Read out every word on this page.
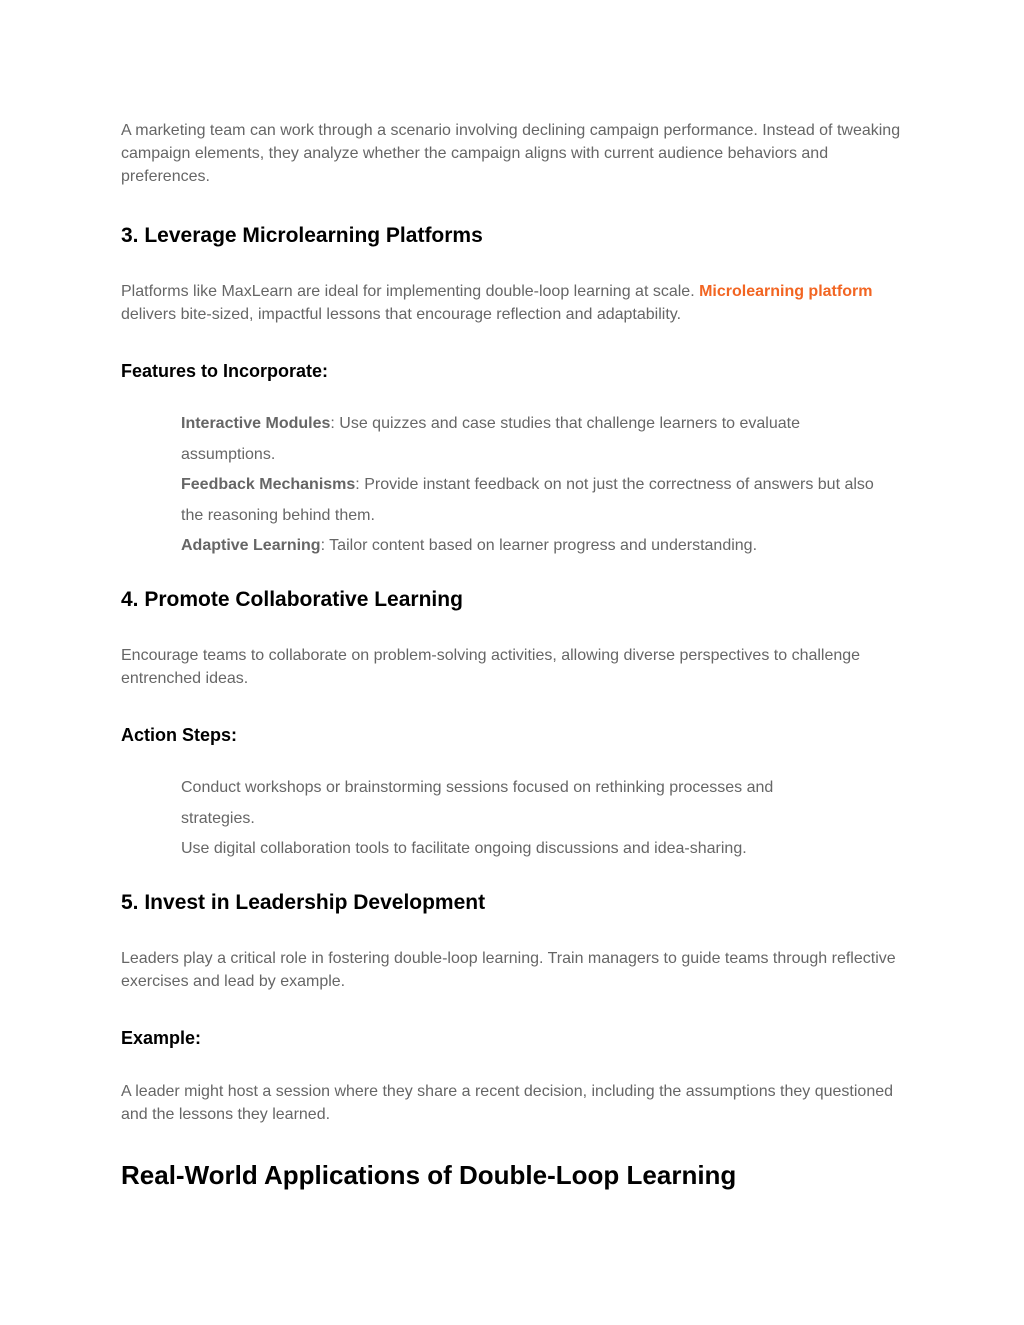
A marketing team can work through a scenario involving declining campaign performance. Instead of tweaking campaign elements, they analyze whether the campaign aligns with current audience behaviors and preferences.

3. Leverage Microlearning Platforms

Platforms like MaxLearn are ideal for implementing double-loop learning at scale. Microlearning platform delivers bite-sized, impactful lessons that encourage reflection and adaptability.

Features to Incorporate:
Interactive Modules: Use quizzes and case studies that challenge learners to evaluate assumptions.
Feedback Mechanisms: Provide instant feedback on not just the correctness of answers but also the reasoning behind them.
Adaptive Learning: Tailor content based on learner progress and understanding.
4. Promote Collaborative Learning

Encourage teams to collaborate on problem-solving activities, allowing diverse perspectives to challenge entrenched ideas.

Action Steps:
Conduct workshops or brainstorming sessions focused on rethinking processes and strategies.
Use digital collaboration tools to facilitate ongoing discussions and idea-sharing.
5. Invest in Leadership Development

Leaders play a critical role in fostering double-loop learning. Train managers to guide teams through reflective exercises and lead by example.

Example:

A leader might host a session where they share a recent decision, including the assumptions they questioned and the lessons they learned.

Real-World Applications of Double-Loop Learning
